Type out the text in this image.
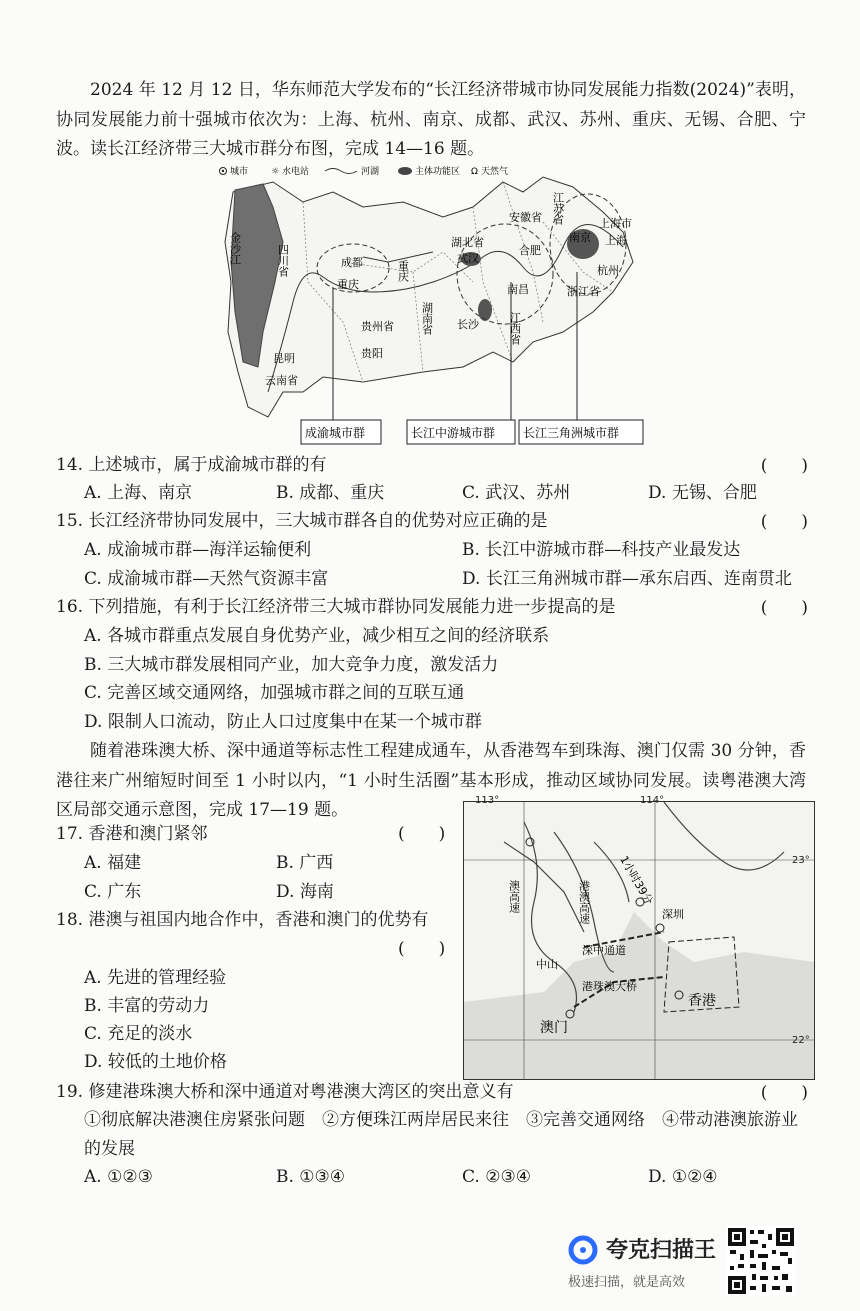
2024 年 12 月 12 日，华东师范大学发布的“长江经济带城市协同发展能力指数(2024)”表明，协同发展能力前十强城市依次为：上海、杭州、南京、成都、武汉、苏州、重庆、无锡、合肥、宁波。读长江经济带三大城市群分布图，完成 14—16 题。

城市	☼ 水电站	河湖	主体功能区 Ω 天然气
金沙江	四川省	成都
重庆
重庆
贵州省
贵阳
昆明
云南省
湖北省
武汉
湖南省 长沙	江西省
南昌
安徽省
合肥
江苏省
南京
上海市
上海
杭州
浙江省
成渝城市群	长江中游城市群 长江三角洲城市群
14. 上述城市，属于成渝城市群的有	(　　)
A. 上海、南京	B. 成都、重庆	C. 武汉、苏州	D. 无锡、合肥
15. 长江经济带协同发展中，三大城市群各自的优势对应正确的是	(　　)
A. 成渝城市群—海洋运输便利	B. 长江中游城市群—科技产业最发达
C. 成渝城市群—天然气资源丰富	D. 长江三角洲城市群—承东启西、连南贯北
16. 下列措施，有利于长江经济带三大城市群协同发展能力进一步提高的是	(　　)
A. 各城市群重点发展自身优势产业，减少相互之间的经济联系
B. 三大城市群发展相同产业，加大竞争力度，激发活力
C. 完善区域交通网络，加强城市群之间的互联互通
D. 限制人口流动，防止人口过度集中在某一个城市群

随着港珠澳大桥、深中通道等标志性工程建成通车，从香港驾车到珠海、澳门仅需 30 分钟，香港往来广州缩短时间至 1 小时以内，“1 小时生活圈”基本形成，推动区域协同发展。读粤港澳大湾区局部交通示意图，完成 17—19 题。

1小时39分
港澳高速
澳高速
中山
深圳
深中通道
港珠澳大桥
香港
澳门
113°	114°
23°
22°
17. 香港和澳门紧邻	(　　)
A. 福建	B. 广西
C. 广东	D. 海南
18. 港澳与祖国内地合作中，香港和澳门的优势有
(　　)
A. 先进的管理经验
B. 丰富的劳动力
C. 充足的淡水
D. 较低的土地价格
19. 修建港珠澳大桥和深中通道对粤港澳大湾区的突出意义有	(　　)
①彻底解决港澳住房紧张问题　②方便珠江两岸居民来往　③完善交通网络　④带动港澳旅游业的发展
A. ①②③	B. ①③④	C. ②③④	D. ①②④
夸克扫描王
极速扫描，就是高效
